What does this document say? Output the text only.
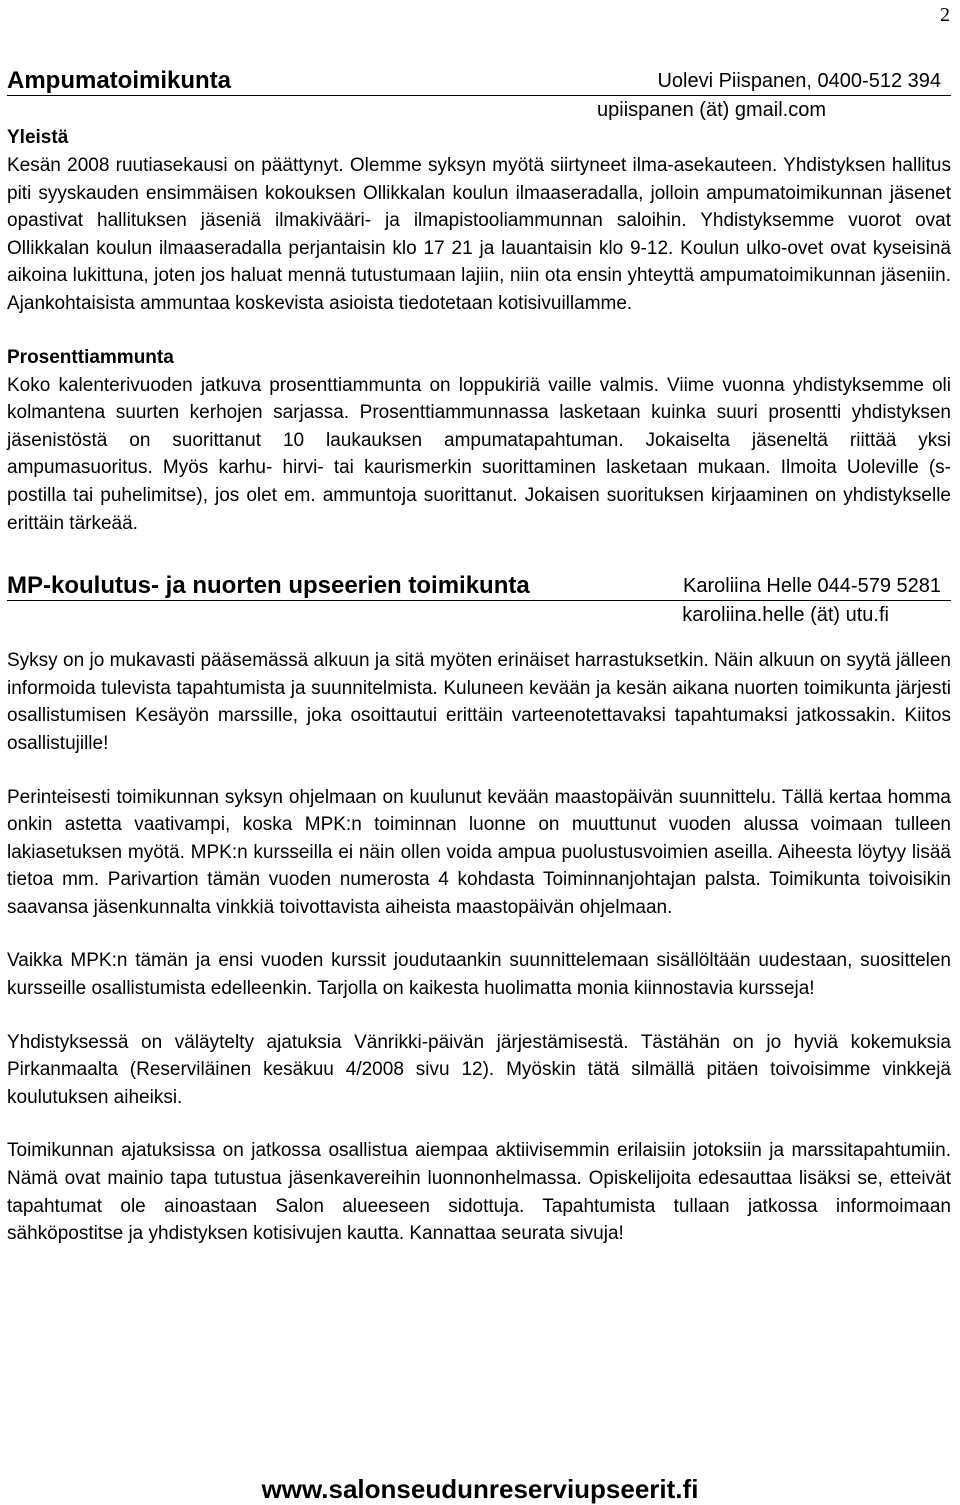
2
Ampumatoimikunta	Uolevi Piispanen, 0400-512 394
upiispanen (ät) gmail.com
Yleistä

Kesän 2008 ruutiasekausi on päättynyt. Olemme syksyn myötä siirtyneet ilma-asekauteen. Yhdistyksen hallitus piti syyskauden ensimmäisen kokouksen Ollikkalan koulun ilmaaseradalla, jolloin ampumatoimikunnan jäsenet opastivat hallituksen jäseniä ilmakivääri- ja ilmapistooliammunnan saloihin. Yhdistyksemme vuorot ovat Ollikkalan koulun ilmaaseradalla perjantaisin klo 17 21 ja lauantaisin klo 9-12. Koulun ulko-ovet ovat kyseisinä aikoina lukittuna, joten jos haluat mennä tutustumaan lajiin, niin ota ensin yhteyttä ampumatoimikunnan jäseniin. Ajankohtaisista ammuntaa koskevista asioista tiedotetaan kotisivuillamme.

Prosenttiammunta

Koko kalenterivuoden jatkuva prosenttiammunta on loppukiriä vaille valmis. Viime vuonna yhdistyksemme oli kolmantena suurten kerhojen sarjassa. Prosenttiammunnassa lasketaan kuinka suuri prosentti yhdistyksen jäsenistöstä on suorittanut 10 laukauksen ampumatapahtuman. Jokaiselta jäseneltä riittää yksi ampumasuoritus. Myös karhu- hirvi- tai kaurismerkin suorittaminen lasketaan mukaan. Ilmoita Uoleville (s-postilla tai puhelimitse), jos olet em. ammuntoja suorittanut. Jokaisen suorituksen kirjaaminen on yhdistykselle erittäin tärkeää.

MP-koulutus- ja nuorten upseerien toimikunta	Karoliina Helle 044-579 5281
karoliina.helle (ät) utu.fi

Syksy on jo mukavasti pääsemässä alkuun ja sitä myöten erinäiset harrastuksetkin. Näin alkuun on syytä jälleen informoida tulevista tapahtumista ja suunnitelmista. Kuluneen kevään ja kesän aikana nuorten toimikunta järjesti osallistumisen Kesäyön marssille, joka osoittautui erittäin varteenotettavaksi tapahtumaksi jatkossakin. Kiitos osallistujille!

Perinteisesti toimikunnan syksyn ohjelmaan on kuulunut kevään maastopäivän suunnittelu. Tällä kertaa homma onkin astetta vaativampi, koska MPK:n toiminnan luonne on muuttunut vuoden alussa voimaan tulleen lakiasetuksen myötä. MPK:n kursseilla ei näin ollen voida ampua puolustusvoimien aseilla. Aiheesta löytyy lisää tietoa mm. Parivartion tämän vuoden numerosta 4 kohdasta Toiminnanjohtajan palsta. Toimikunta toivoisikin saavansa jäsenkunnalta vinkkiä toivottavista aiheista maastopäivän ohjelmaan.

Vaikka MPK:n tämän ja ensi vuoden kurssit joudutaankin suunnittelemaan sisällöltään uudestaan, suosittelen kursseille osallistumista edelleenkin. Tarjolla on kaikesta huolimatta monia kiinnostavia kursseja!

Yhdistyksessä on väläytelty ajatuksia Vänrikki-päivän järjestämisestä. Tästähän on jo hyviä kokemuksia Pirkanmaalta (Reserviläinen kesäkuu 4/2008 sivu 12). Myöskin tätä silmällä pitäen toivoisimme vinkkejä koulutuksen aiheiksi.

Toimikunnan ajatuksissa on jatkossa osallistua aiempaa aktiivisemmin erilaisiin jotoksiin ja marssitapahtumiin. Nämä ovat mainio tapa tutustua jäsenkavereihin luonnonhelmassa. Opiskelijoita edesauttaa lisäksi se, etteivät tapahtumat ole ainoastaan Salon alueeseen sidottuja. Tapahtumista tullaan jatkossa informoimaan sähköpostitse ja yhdistyksen kotisivujen kautta. Kannattaa seurata sivuja!

www.salonseudunreserviupseerit.fi
